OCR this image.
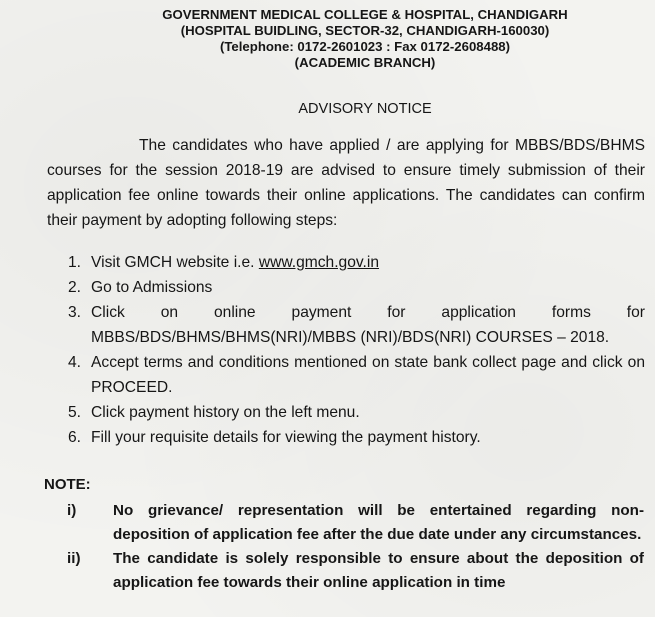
GOVERNMENT MEDICAL COLLEGE & HOSPITAL, CHANDIGARH
(HOSPITAL BUIDLING, SECTOR-32, CHANDIGARH-160030)
(Telephone: 0172-2601023 : Fax 0172-2608488)
(ACADEMIC BRANCH)
ADVISORY NOTICE
The candidates who have applied / are applying for MBBS/BDS/BHMS courses for the session 2018-19 are advised to ensure timely submission of their application fee online towards their online applications. The candidates can confirm their payment by adopting following steps:
1. Visit GMCH website i.e. www.gmch.gov.in
2. Go to Admissions
3. Click on online payment for application forms for MBBS/BDS/BHMS/BHMS(NRI)/MBBS (NRI)/BDS(NRI) COURSES – 2018.
4. Accept terms and conditions mentioned on state bank collect page and click on PROCEED.
5. Click payment history on the left menu.
6. Fill your requisite details for viewing the payment history.
NOTE:
i) No grievance/ representation will be entertained regarding non-deposition of application fee after the due date under any circumstances.
ii) The candidate is solely responsible to ensure about the deposition of application fee towards their online application in time
